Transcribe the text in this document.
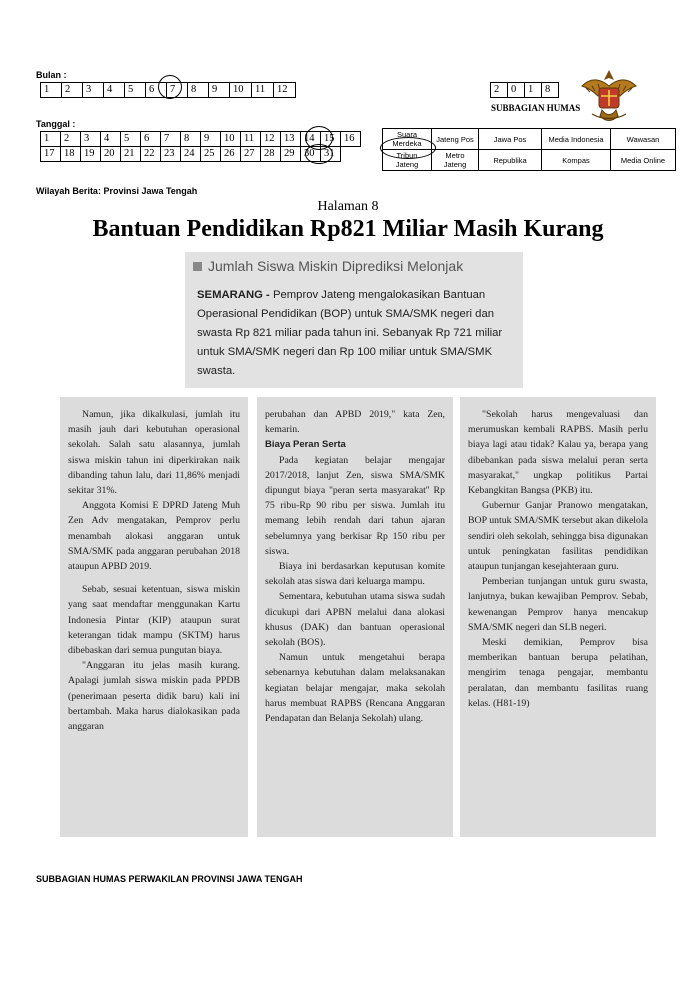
Bulan :
1	2	3	4	5	6	7	8	9	10	11	12
Tanggal :
1	2	3	4	5	6	7	8	9	10	11	12	13	14	15	16
17	18	19	20	21	22	23	24	25	26	27	28	29	30	31	
2	0	1	8
SUBBAGIAN HUMAS
Suara Merdeka	Jateng Pos	Jawa Pos	Media Indonesia	Wawasan
Tribun Jateng	Metro Jateng	Republika	Kompas	Media Online
Wilayah Berita: Provinsi Jawa Tengah
Halaman 8
Bantuan Pendidikan Rp821 Miliar Masih Kurang
Jumlah Siswa Miskin Diprediksi Melonjak
SEMARANG - Pemprov Jateng mengalokasikan Bantuan Operasional Pendidikan (BOP) untuk SMA/SMK negeri dan swasta Rp 821 miliar pada tahun ini. Sebanyak Rp 721 miliar untuk SMA/SMK negeri dan Rp 100 miliar untuk SMA/SMK swasta.

Namun, jika dikalkulasi, jumlah itu masih jauh dari kebutuhan operasional sekolah. Salah satu alasannya, jumlah siswa miskin tahun ini diperkirakan naik dibanding tahun lalu, dari 11,86% menjadi sekitar 31%.

Anggota Komisi E DPRD Jateng Muh Zen Adv mengatakan, Pemprov perlu menambah alokasi anggaran untuk SMA/SMK pada anggaran perubahan 2018 ataupun APBD 2019.

Sebab, sesuai ketentuan, siswa miskin yang saat mendaftar menggunakan Kartu Indonesia Pintar (KIP) ataupun surat keterangan tidak mampu (SKTM) harus dibebaskan dari semua pungutan biaya.

"Anggaran itu jelas masih kurang. Apalagi jumlah siswa miskin pada PPDB (penerimaan peserta didik baru) kali ini bertambah. Maka harus dialokasikan pada anggaran

perubahan dan APBD 2019," kata Zen, kemarin.

Biaya Peran Serta

Pada kegiatan belajar mengajar 2017/2018, lanjut Zen, siswa SMA/SMK dipungut biaya ''peran serta masyarakat'' Rp 75 ribu-Rp 90 ribu per siswa. Jumlah itu memang lebih rendah dari tahun ajaran sebelumnya yang berkisar Rp 150 ribu per siswa.

Biaya ini berdasarkan keputusan komite sekolah atas siswa dari keluarga mampu.

Sementara, kebutuhan utama siswa sudah dicukupi dari APBN melalui dana alokasi khusus (DAK) dan bantuan operasional sekolah (BOS).

Namun untuk mengetahui berapa sebenarnya kebutuhan dalam melaksanakan kegiatan belajar mengajar, maka sekolah harus membuat RAPBS (Rencana Anggaran Pendapatan dan Belanja Sekolah) ulang.

"Sekolah harus mengevaluasi dan merumuskan kembali RAPBS. Masih perlu biaya lagi atau tidak? Kalau ya, berapa yang dibebankan pada siswa melalui peran serta masyarakat," ungkap politikus Partai Kebangkitan Bangsa (PKB) itu.

Gubernur Ganjar Pranowo mengatakan, BOP untuk SMA/SMK tersebut akan dikelola sendiri oleh sekolah, sehingga bisa digunakan untuk peningkatan fasilitas pendidikan ataupun tunjangan kesejahteraan guru.

Pemberian tunjangan untuk guru swasta, lanjutnya, bukan kewajiban Pemprov. Sebab, kewenangan Pemprov hanya mencakup SMA/SMK negeri dan SLB negeri.

Meski demikian, Pemprov bisa memberikan bantuan berupa pelatihan, mengirim tenaga pengajar, membantu peralatan, dan membantu fasilitas ruang kelas. (H81-19)

SUBBAGIAN HUMAS PERWAKILAN PROVINSI JAWA TENGAH
